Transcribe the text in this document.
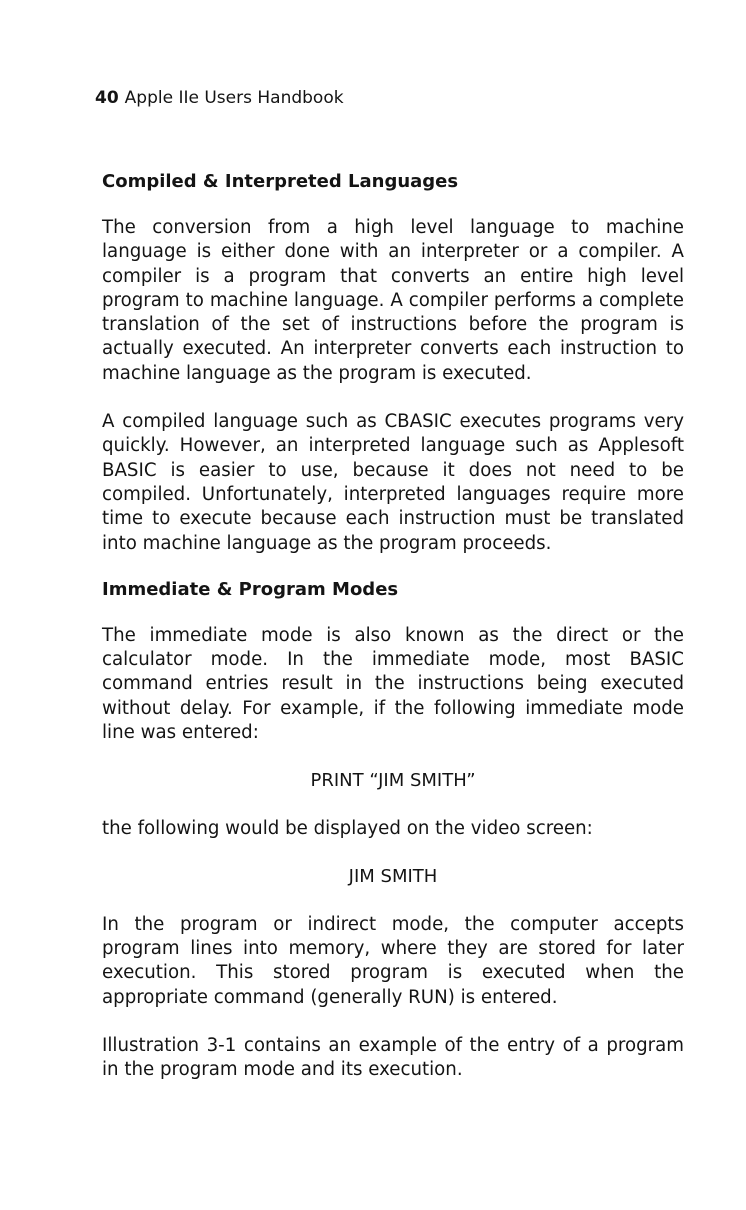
40 Apple IIe Users Handbook
Compiled & Interpreted Languages

The conversion from a high level language to machine language is either done with an interpreter or a compiler. A compiler is a program that converts an entire high level program to machine language. A compiler performs a complete translation of the set of instructions before the program is actually executed. An interpreter converts each instruction to machine language as the program is executed.

A compiled language such as CBASIC executes programs very quickly. However, an interpreted language such as Applesoft BASIC is easier to use, because it does not need to be compiled. Unfortunately, interpreted languages require more time to execute because each instruction must be translated into machine language as the program proceeds.

Immediate & Program Modes

The immediate mode is also known as the direct or the calculator mode. In the immediate mode, most BASIC command entries result in the instructions being executed without delay. For example, if the following immediate mode line was entered:

PRINT “JIM SMITH”

the following would be displayed on the video screen:

JIM SMITH

In the program or indirect mode, the computer accepts program lines into memory, where they are stored for later execution. This stored program is executed when the appropriate command (generally RUN) is entered.

Illustration 3-1 contains an example of the entry of a program in the program mode and its execution.
